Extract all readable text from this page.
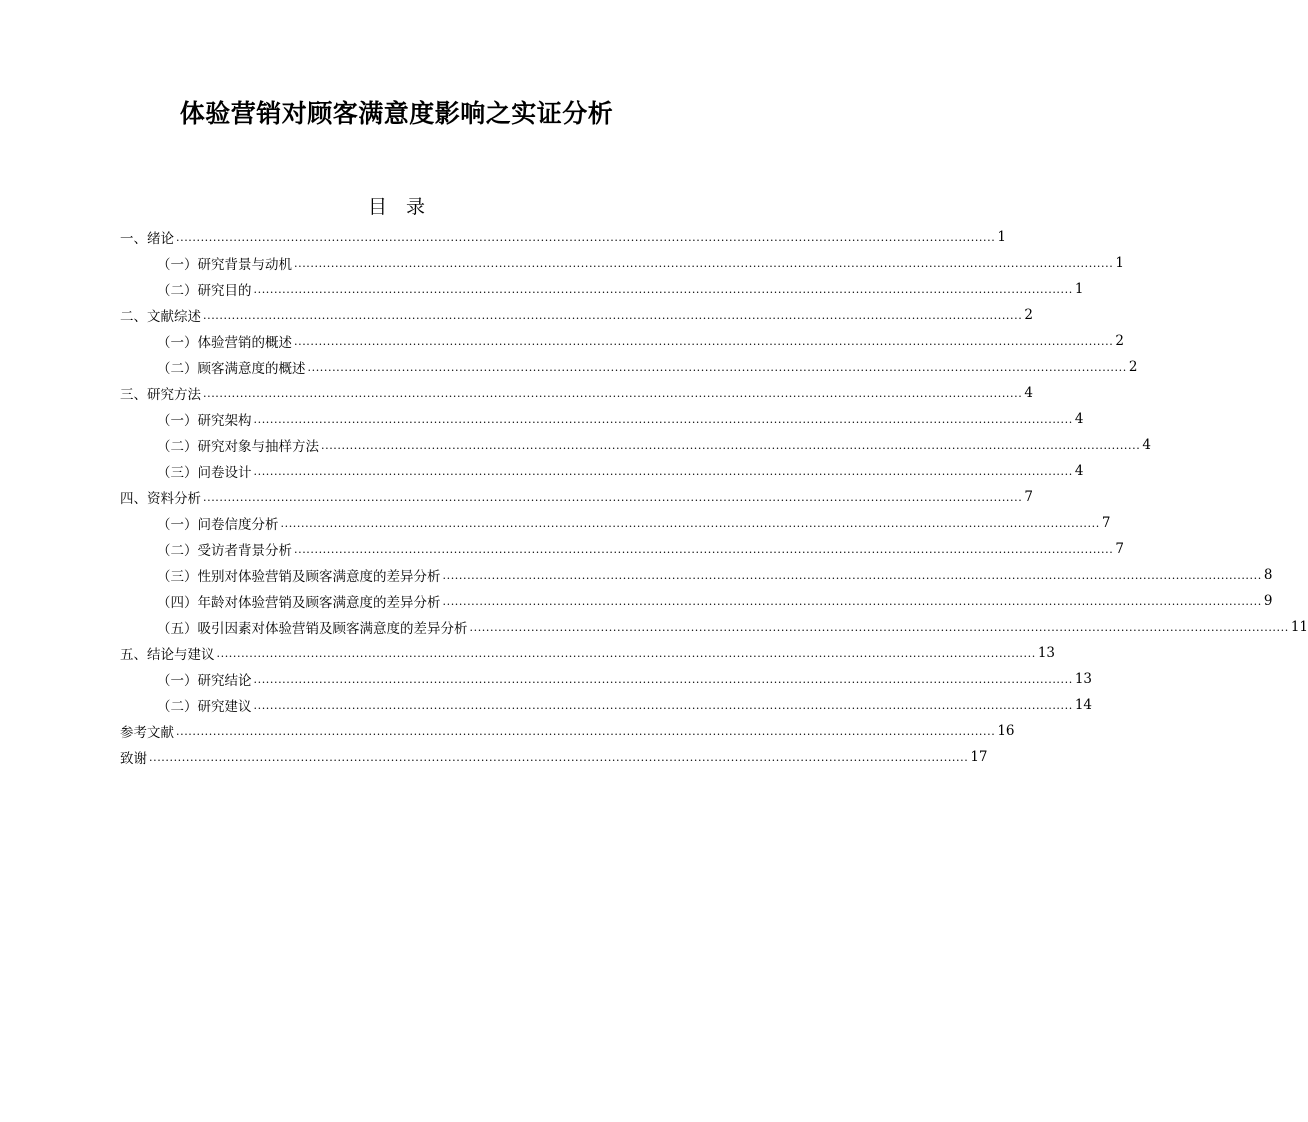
体验营销对顾客满意度影响之实证分析
目　录
一、 绪论 ........................................................................................................................................................................................................ 1
（一） 研究背景与动机 ........................................................................................................................................................................................................ 1
（二） 研究目的 ........................................................................................................................................................................................................ 1
二、 文献综述 ........................................................................................................................................................................................................ 2
（一） 体验营销的概述 ........................................................................................................................................................................................................ 2
（二） 顾客满意度的概述 ........................................................................................................................................................................................................ 2
三、 研究方法 ........................................................................................................................................................................................................ 4
（一） 研究架构 ........................................................................................................................................................................................................ 4
（二） 研究对象与抽样方法 ........................................................................................................................................................................................................ 4
（三） 问卷设计 ........................................................................................................................................................................................................ 4
四、 资料分析 ........................................................................................................................................................................................................ 7
（一） 问卷信度分析 ........................................................................................................................................................................................................ 7
（二） 受访者背景分析 ........................................................................................................................................................................................................ 7
（三） 性别对体验营销及顾客满意度的差异分析 ........................................................................................................................................................................................................ 8
（四） 年龄对体验营销及顾客满意度的差异分析 ........................................................................................................................................................................................................ 9
（五） 吸引因素对体验营销及顾客满意度的差异分析 ........................................................................................................................................................................................................ 11
五、 结论与建议 ........................................................................................................................................................................................................ 13
（一） 研究结论 ........................................................................................................................................................................................................ 13
（二） 研究建议 ........................................................................................................................................................................................................ 14
参考文献 ........................................................................................................................................................................................................ 16
致谢 ........................................................................................................................................................................................................ 17
